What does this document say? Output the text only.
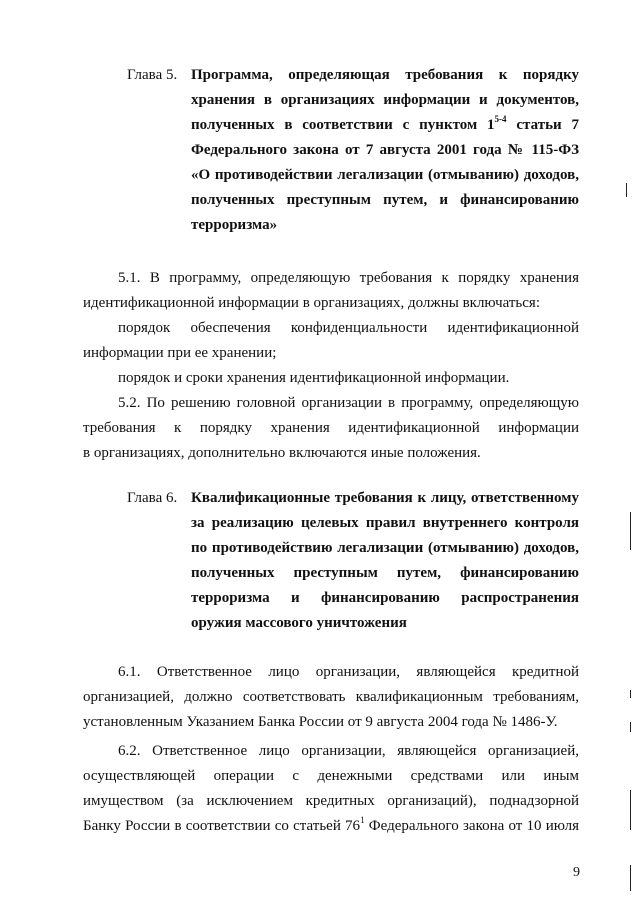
Глава 5. Программа, определяющая требования к порядку
хранения в организациях информации и документов,
полученных в соответствии с пунктом 1$^{5-4}$ статьи 7
Федерального закона от 7 августа 2001 года № 115-ФЗ
«О противодействии легализации (отмыванию) доходов,
полученных преступным путем, и финансированию
терроризма»
5.1. В программу, определяющую требования к порядку хранения
идентификационной информации в организациях, должны включаться:
порядок обеспечения конфиденциальности идентификационной
информации при ее хранении;
порядок и сроки хранения идентификационной информации.
5.2. По решению головной организации в программу, определяющую
требования к порядку хранения идентификационной информации
в организациях, дополнительно включаются иные положения.
Глава 6. Квалификационные требования к лицу, ответственному
за реализацию целевых правил внутреннего контроля
по противодействию легализации (отмыванию) доходов,
полученных преступным путем, финансированию
терроризма и финансированию распространения
оружия массового уничтожения
6.1. Ответственное лицо организации, являющейся кредитной
организацией, должно соответствовать квалификационным требованиям,
установленным Указанием Банка России от 9 августа 2004 года № 1486-У.
6.2. Ответственное лицо организации, являющейся организацией,
осуществляющей операции с денежными средствами или иным
имуществом (за исключением кредитных организаций), поднадзорной
Банку России в соответствии со статьей $76^1$ Федерального закона от 10 июля
9
